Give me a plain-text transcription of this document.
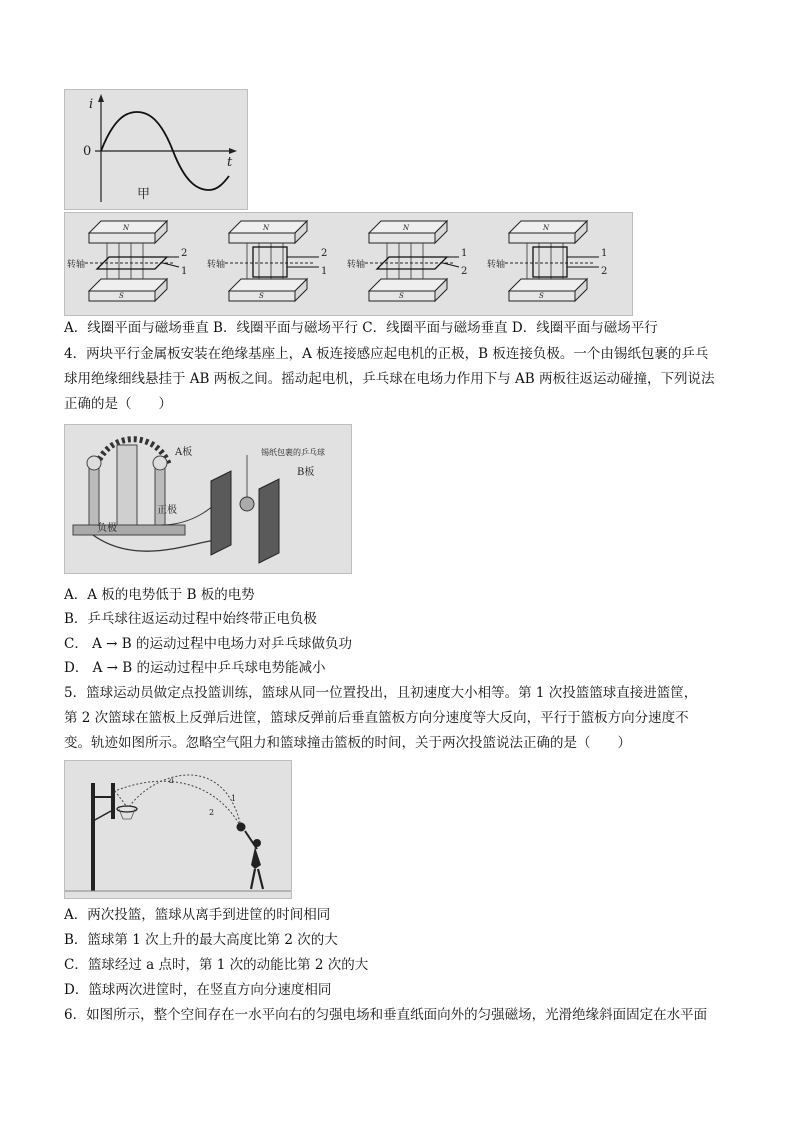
i
0
t
甲
N
S
转轴
2
1
N
S
转轴
2
1
N
S
转轴
1
2
N
S
转轴
1
2
A．线圈平面与磁场垂直 B．线圈平面与磁场平行 C．线圈平面与磁场垂直 D．线圈平面与磁场平行
4．两块平行金属板安装在绝缘基座上，A 板连接感应起电机的正极，B 板连接负极。一个由锡纸包裹的乒乓
球用绝缘细线悬挂于 AB 两板之间。摇动起电机，乒乓球在电场力作用下与 AB 两板往返运动碰撞，下列说法
正确的是（　　）
A板	锡纸包裹的乒乓球
B板
正极
负极
A．A 板的电势低于 B 板的电势
B．乒乓球往返运动过程中始终带正电负极
C． A → B 的运动过程中电场力对乒乓球做负功
D． A → B 的运动过程中乒乓球电势能减小
5．篮球运动员做定点投篮训练，篮球从同一位置投出，且初速度大小相等。第 1 次投篮篮球直接进篮筐，
第 2 次篮球在篮板上反弹后进筐，篮球反弹前后垂直篮板方向分速度等大反向，平行于篮板方向分速度不
变。轨迹如图所示。忽略空气阻力和篮球撞击篮板的时间，关于两次投篮说法正确的是（　　）
a
1
2
A．两次投篮，篮球从离手到进筐的时间相同
B．篮球第 1 次上升的最大高度比第 2 次的大
C．篮球经过 a 点时，第 1 次的动能比第 2 次的大
D．篮球两次进筐时，在竖直方向分速度相同
6．如图所示，整个空间存在一水平向右的匀强电场和垂直纸面向外的匀强磁场，光滑绝缘斜面固定在水平面
